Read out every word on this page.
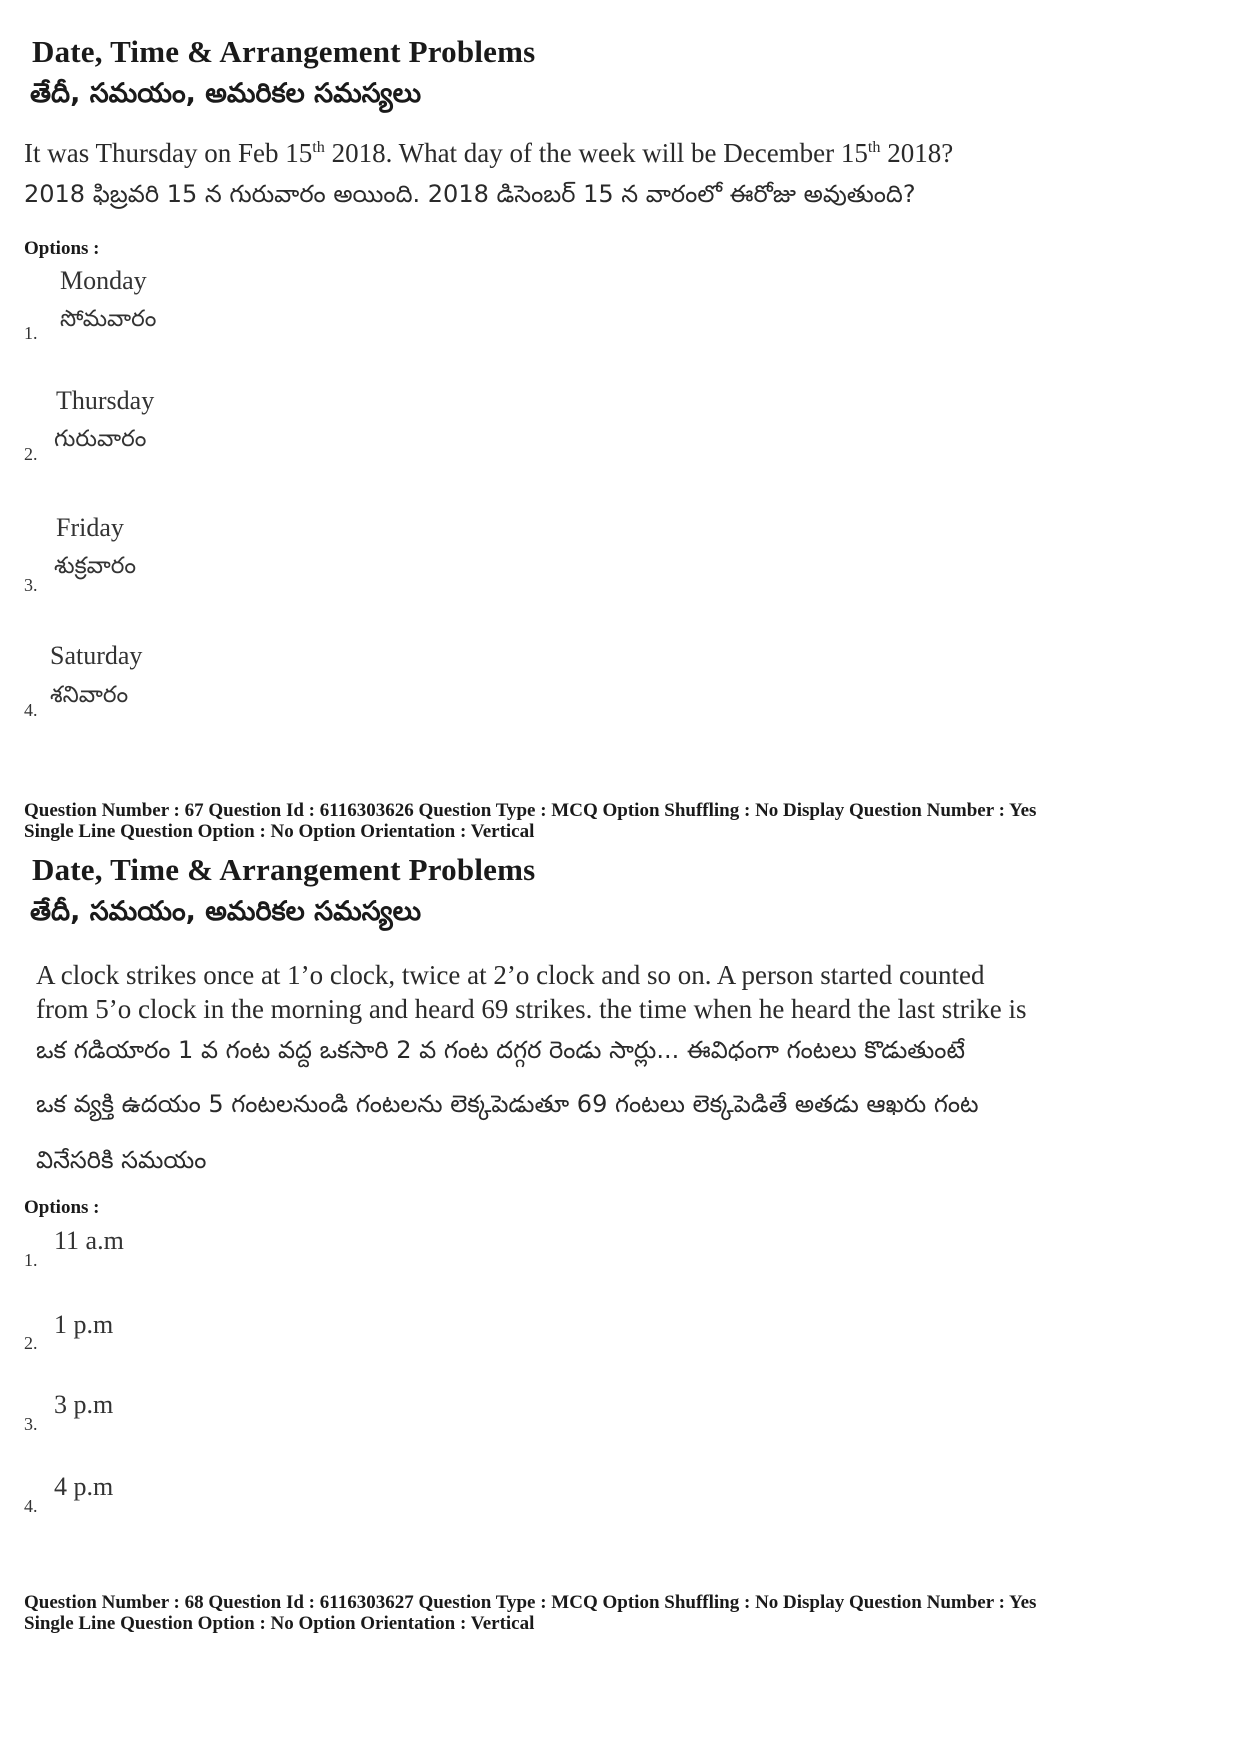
Date, Time & Arrangement Problems
తేదీ, సమయం, అమరికల సమస్యలు
It was Thursday on Feb 15th 2018. What day of the week will be December 15th 2018?
2018 ఫిబ్రవరి 15 న గురువారం అయింది. 2018 డిసెంబర్ 15 న వారంలో ఈరోజు అవుతుంది?
Options :
Monday
సోమవారం
1.
Thursday
గురువారం
2.
Friday
శుక్రవారం
3.
Saturday
శనివారం
4.
Question Number : 67 Question Id : 6116303626 Question Type : MCQ Option Shuffling : No Display Question Number : Yes
Single Line Question Option : No Option Orientation : Vertical
Date, Time & Arrangement Problems
తేదీ, సమయం, అమరికల సమస్యలు
A clock strikes once at 1’o clock, twice at 2’o clock and so on. A person started counted
from 5’o clock in the morning and heard 69 strikes. the time when he heard the last strike is
ఒక గడియారం 1 వ గంట వద్ద ఒకసారి 2 వ గంట దగ్గర రెండు సార్లు... ఈవిధంగా గంటలు కొడుతుంటే
ఒక వ్యక్తి ఉదయం 5 గంటలనుండి గంటలను లెక్కపెడుతూ 69 గంటలు లెక్కపెడితే అతడు ఆఖరు గంట
వినేసరికి సమయం
Options :
1.
11 a.m
2.
1 p.m
3.
3 p.m
4.
4 p.m
Question Number : 68 Question Id : 6116303627 Question Type : MCQ Option Shuffling : No Display Question Number : Yes
Single Line Question Option : No Option Orientation : Vertical
